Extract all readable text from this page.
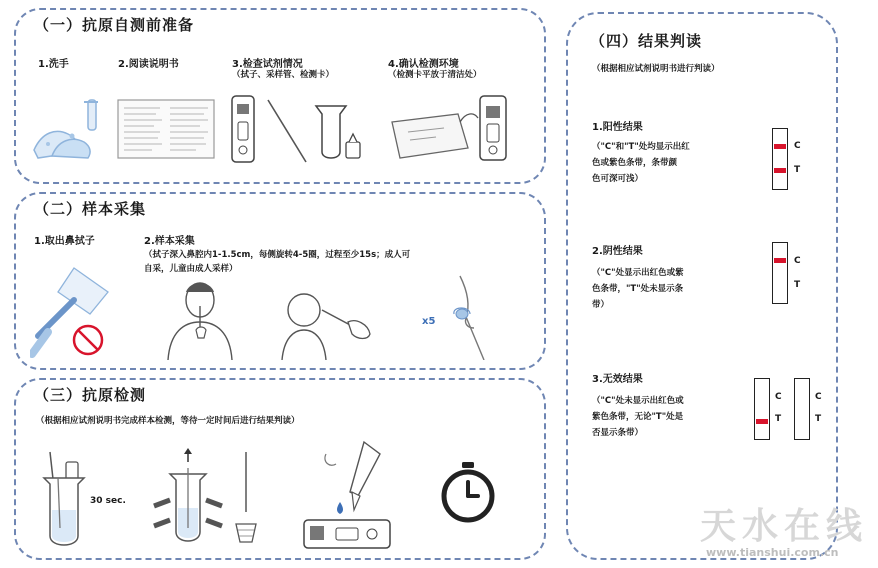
（一）抗原自测前准备
1.洗手	2.阅读说明书	3.检查试剂情况	4.确认检测环境
（拭子、采样管、检测卡）	（检测卡平放于清洁处）
（二）样本采集
1.取出鼻拭子	2.样本采集
（拭子深入鼻腔内1-1.5cm，每侧旋转4-5圈，过程至少15s；成人可
自采，儿童由成人采样）
x5
（三）抗原检测
（根据相应试剂说明书完成样本检测，等待一定时间后进行结果判读）
30 sec.
（四）结果判读
（根据相应试剂说明书进行判读）
1.阳性结果
（"C"和"T"处均显示出红
色或紫色条带，条带颜
色可深可浅）
C
T
2.阴性结果
（"C"处显示出红色或紫
色条带，"T"处未显示条
带）
C
T
3.无效结果
（"C"处未显示出红色或
紫色条带，无论"T"处是
否显示条带）
C
T
C
T
天水在线
www.tianshui.com.cn
